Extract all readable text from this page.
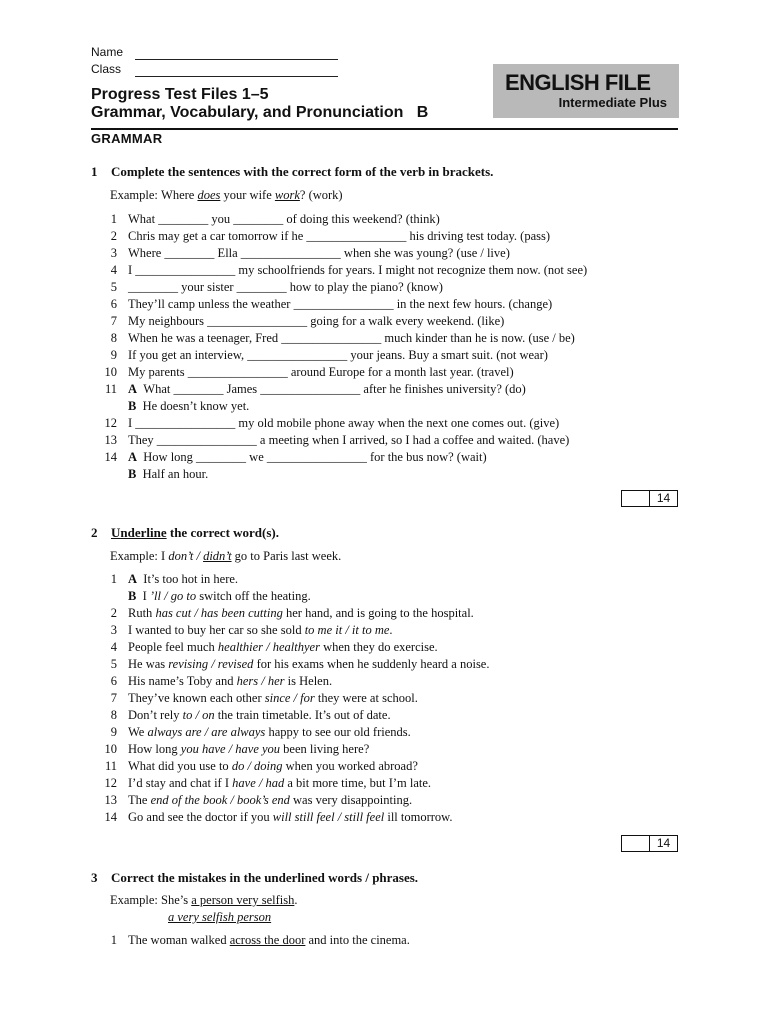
Name
Class
ENGLISH FILE
Intermediate Plus
Progress Test Files 1–5
Grammar, Vocabulary, and Pronunciation B
GRAMMAR
1 Complete the sentences with the correct form of the verb in brackets.
Example: Where does your wife work? (work)
1 What ________ you ________ of doing this weekend? (think)
2 Chris may get a car tomorrow if he ________________ his driving test today. (pass)
3 Where ________ Ella ________________ when she was young? (use / live)
4 I ________________ my schoolfriends for years. I might not recognize them now. (not see)
5 ________ your sister ________ how to play the piano? (know)
6 They’ll camp unless the weather ________________ in the next few hours. (change)
7 My neighbours ________________ going for a walk every weekend. (like)
8 When he was a teenager, Fred ________________ much kinder than he is now. (use / be)
9 If you get an interview, ________________ your jeans. Buy a smart suit. (not wear)
10 My parents ________________ around Europe for a month last year. (travel)
11 A What ________ James ________________ after he finishes university? (do)
B He doesn’t know yet.
12 I ________________ my old mobile phone away when the next one comes out. (give)
13 They ________________ a meeting when I arrived, so I had a coffee and waited. (have)
14 A How long ________ we ________________ for the bus now? (wait)
B Half an hour.
14
2 Underline the correct word(s).
Example: I don’t / didn’t go to Paris last week.
1 A It’s too hot in here.
B I ’ll / go to switch off the heating.
2 Ruth has cut / has been cutting her hand, and is going to the hospital.
3 I wanted to buy her car so she sold to me it / it to me.
4 People feel much healthier / healthyer when they do exercise.
5 He was revising / revised for his exams when he suddenly heard a noise.
6 His name’s Toby and hers / her is Helen.
7 They’ve known each other since / for they were at school.
8 Don’t rely to / on the train timetable. It’s out of date.
9 We always are / are always happy to see our old friends.
10 How long you have / have you been living here?
11 What did you use to do / doing when you worked abroad?
12 I’d stay and chat if I have / had a bit more time, but I’m late.
13 The end of the book / book’s end was very disappointing.
14 Go and see the doctor if you will still feel / still feel ill tomorrow.
14
3 Correct the mistakes in the underlined words / phrases.
Example: She’s a person very selfish.
a very selfish person
1 The woman walked across the door and into the cinema.
